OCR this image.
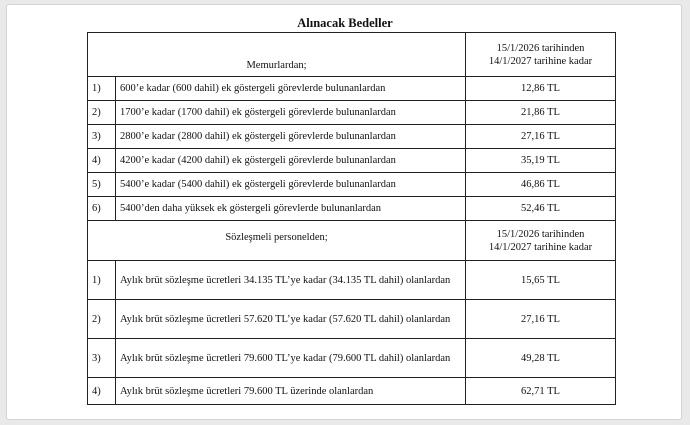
Alınacak Bedeller
Memurlardan;		15/1/2026 tarihinden
14/1/2027 tarihine kadar

1)	600’e kadar (600 dahil) ek göstergeli görevlerde bulunanlardan	12,86 TL
2)	1700’e kadar (1700 dahil) ek göstergeli görevlerde bulunanlardan	21,86 TL
3)	2800’e kadar (2800 dahil) ek göstergeli görevlerde bulunanlardan	27,16 TL
4)	4200’e kadar (4200 dahil) ek göstergeli görevlerde bulunanlardan	35,19 TL
5)	5400’e kadar (5400 dahil) ek göstergeli görevlerde bulunanlardan	46,86 TL
6)	5400’den daha yüksek ek göstergeli görevlerde bulunanlardan	52,46 TL
Sözleşmeli personelden;		15/1/2026 tarihinden
14/1/2027 tarihine kadar

1)	Aylık brüt sözleşme ücretleri 34.135 TL’ye kadar (34.135 TL dahil) olanlardan	15,65 TL
2)	Aylık brüt sözleşme ücretleri 57.620 TL’ye kadar (57.620 TL dahil) olanlardan	27,16 TL
3)	Aylık brüt sözleşme ücretleri 79.600 TL’ye kadar (79.600 TL dahil) olanlardan	49,28 TL
4)	Aylık brüt sözleşme ücretleri 79.600 TL üzerinde olanlardan	62,71 TL
